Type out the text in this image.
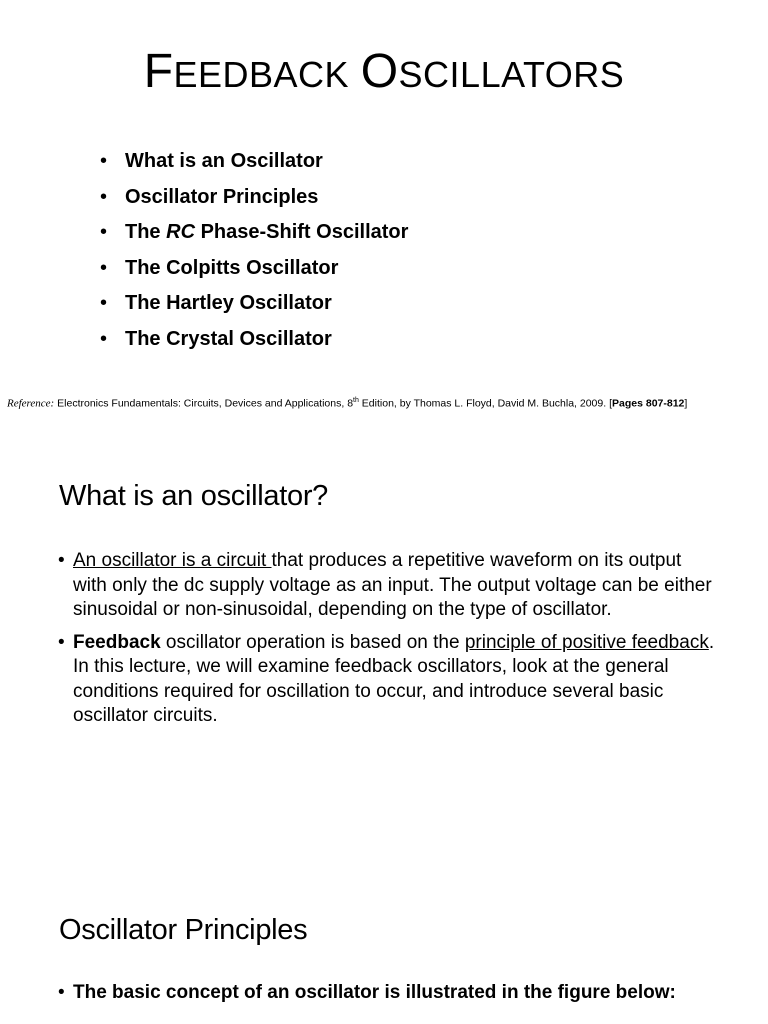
FEEDBACK OSCILLATORS
• What is an Oscillator
• Oscillator Principles
• The RC Phase-Shift Oscillator
• The Colpitts Oscillator
• The Hartley Oscillator
• The Crystal Oscillator
Reference: Electronics Fundamentals: Circuits, Devices and Applications, 8th Edition, by Thomas L. Floyd, David M. Buchla, 2009. [Pages 807-812]
What is an oscillator?
• An oscillator is a circuit that produces a repetitive waveform on its output with only the dc supply voltage as an input. The output voltage can be either sinusoidal or non-sinusoidal, depending on the type of oscillator.
• Feedback oscillator operation is based on the principle of positive feedback. In this lecture, we will examine feedback oscillators, look at the general conditions required for oscillation to occur, and introduce several basic oscillator circuits.
Oscillator Principles
• The basic concept of an oscillator is illustrated in the figure below:
